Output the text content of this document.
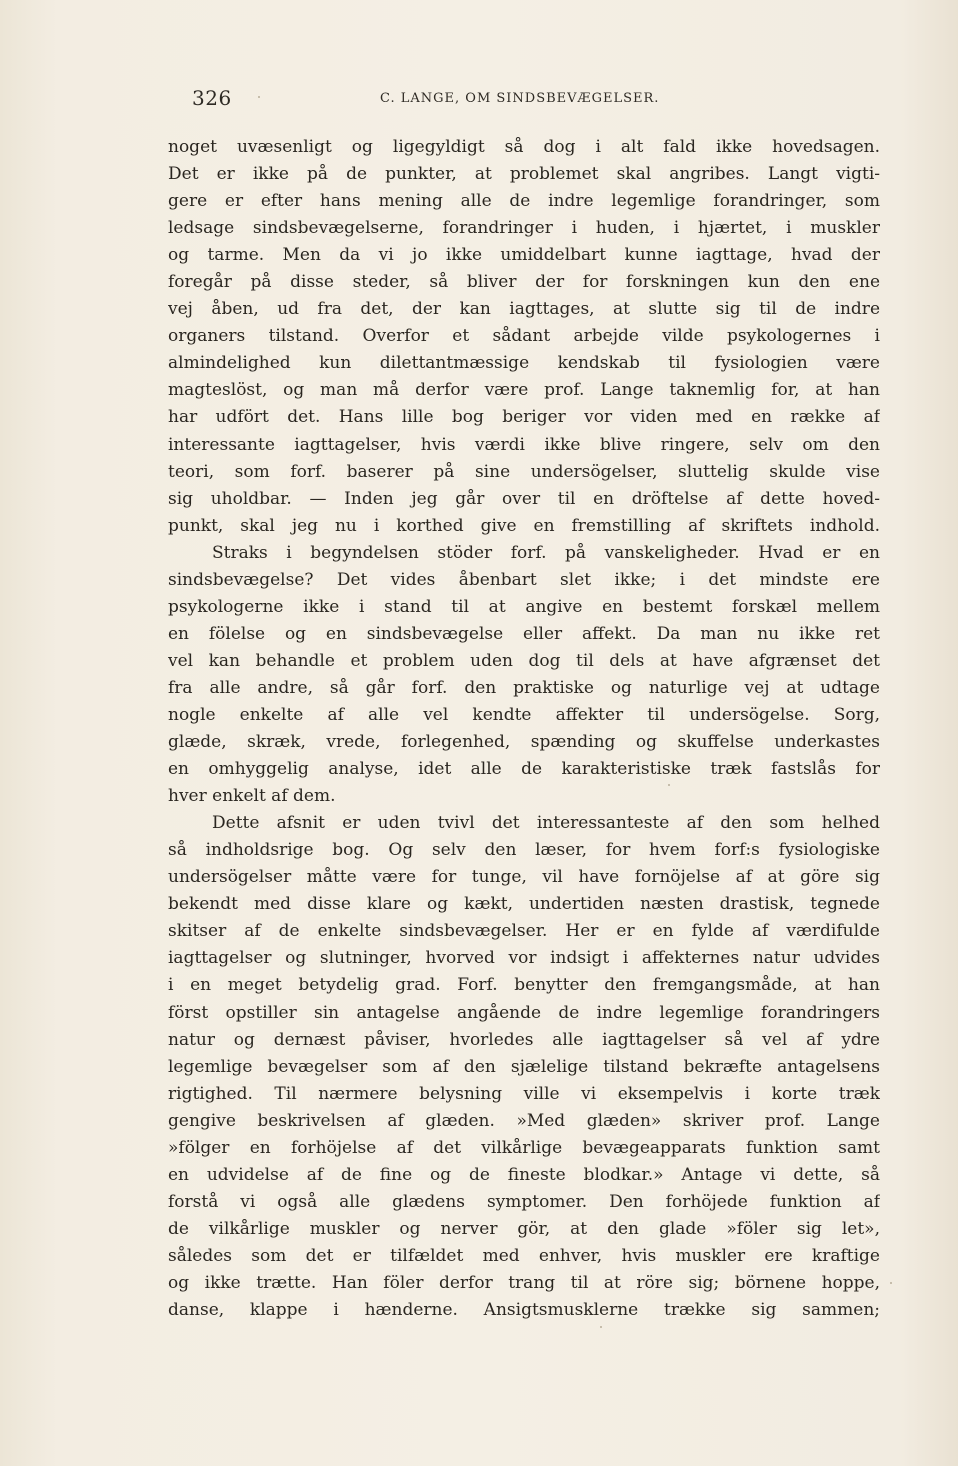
326	C. LANGE, OM SINDSBEVÆGELSER.
noget uvæsenligt og ligegyldigt så dog i alt fald ikke hovedsagen.
Det er ikke på de punkter, at problemet skal angribes. Langt vigti-
gere er efter hans mening alle de indre legemlige forandringer, som
ledsage sindsbevægelserne, forandringer i huden, i hjærtet, i muskler
og tarme. Men da vi jo ikke umiddelbart kunne iagttage, hvad der
foregår på disse steder, så bliver der for forskningen kun den ene
vej åben, ud fra det, der kan iagttages, at slutte sig til de indre
organers tilstand. Overfor et sådant arbejde vilde psykologernes i
almindelighed kun dilettantmæssige kendskab til fysiologien være
magteslöst, og man må derfor være prof. Lange taknemlig for, at han
har udfört det. Hans lille bog beriger vor viden med en række af
interessante iagttagelser, hvis værdi ikke blive ringere, selv om den
teori, som forf. baserer på sine undersögelser, sluttelig skulde vise
sig uholdbar. — Inden jeg går over til en dröftelse af dette hoved-
punkt, skal jeg nu i korthed give en fremstilling af skriftets indhold.
Straks i begyndelsen stöder forf. på vanskeligheder. Hvad er en
sindsbevægelse? Det vides åbenbart slet ikke; i det mindste ere
psykologerne ikke i stand til at angive en bestemt forskæl mellem
en fölelse og en sindsbevægelse eller affekt. Da man nu ikke ret
vel kan behandle et problem uden dog til dels at have afgrænset det
fra alle andre, så går forf. den praktiske og naturlige vej at udtage
nogle enkelte af alle vel kendte affekter til undersögelse. Sorg,
glæde, skræk, vrede, forlegenhed, spænding og skuffelse underkastes
en omhyggelig analyse, idet alle de karakteristiske træk fastslås for
hver enkelt af dem.
Dette afsnit er uden tvivl det interessanteste af den som helhed
så indholdsrige bog. Og selv den læser, for hvem forf:s fysiologiske
undersögelser måtte være for tunge, vil have fornöjelse af at göre sig
bekendt med disse klare og kækt, undertiden næsten drastisk, tegnede
skitser af de enkelte sindsbevægelser. Her er en fylde af værdifulde
iagttagelser og slutninger, hvorved vor indsigt i affekternes natur udvides
i en meget betydelig grad. Forf. benytter den fremgangsmåde, at han
först opstiller sin antagelse angående de indre legemlige forandringers
natur og dernæst påviser, hvorledes alle iagttagelser så vel af ydre
legemlige bevægelser som af den sjælelige tilstand bekræfte antagelsens
rigtighed. Til nærmere belysning ville vi eksempelvis i korte træk
gengive beskrivelsen af glæden. »Med glæden» skriver prof. Lange
»fölger en forhöjelse af det vilkårlige bevægeapparats funktion samt
en udvidelse af de fine og de fineste blodkar.» Antage vi dette, så
forstå vi også alle glædens symptomer. Den forhöjede funktion af
de vilkårlige muskler og nerver gör, at den glade »föler sig let»,
således som det er tilfældet med enhver, hvis muskler ere kraftige
og ikke trætte. Han föler derfor trang til at röre sig; börnene hoppe,
danse, klappe i hænderne. Ansigtsmusklerne trække sig sammen;
